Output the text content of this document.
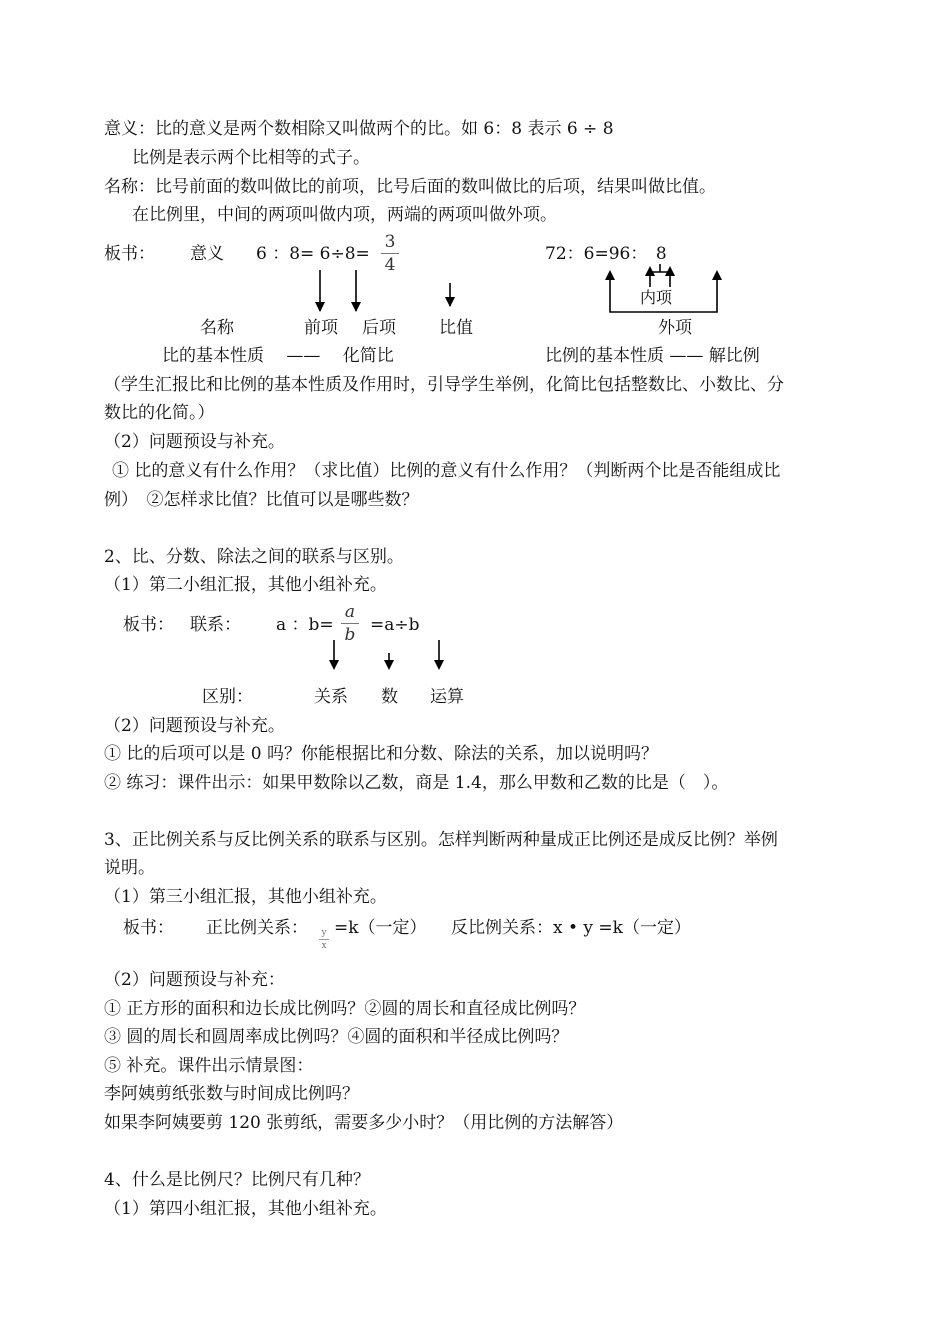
意义：比的意义是两个数相除又叫做两个的比。如 6：8 表示 6 ÷ 8
比例是表示两个比相等的式子。
名称：比号前面的数叫做比的前项，比号后面的数叫做比的后项，结果叫做比值。
在比例里，中间的两项叫做内项，两端的两项叫做外项。
板书： 意义 6 ：8= 6÷8=
3
4
72：6=96：　8
内项
名称	前项 后项	比值	外项
比的基本性质　 ——　 化简比	比例的基本性质 —— 解比例
（学生汇报比和比例的基本性质及作用时，引导学生举例，化简比包括整数比、小数比、分
数比的化简。）
（2）问题预设与补充。
① 比的意义有什么作用？（求比值）比例的意义有什么作用？（判断两个比是否能组成比
例）　②怎样求比值？比值可以是哪些数？
2、比、分数、除法之间的联系与区别。
（1）第二小组汇报，其他小组补充。
板书： 联系： a ：b=
a
b =a÷b
区别：	关系 数 运算
（2）问题预设与补充。
① 比的后项可以是 0 吗？你能根据比和分数、除法的关系，加以说明吗？
② 练习：课件出示：如果甲数除以乙数，商是 1.4，那么甲数和乙数的比是（　）。
3、正比例关系与反比例关系的联系与区别。怎样判断两种量成正比例还是成反比例？举例
说明。
（1）第三小组汇报，其他小组补充。
板书： 正比例关系： y
x
=k（一定） 反比例关系：x • y =k（一定）
（2）问题预设与补充：
① 正方形的面积和边长成比例吗？②圆的周长和直径成比例吗？
③ 圆的周长和圆周率成比例吗？④圆的面积和半径成比例吗？
⑤ 补充。课件出示情景图：
李阿姨剪纸张数与时间成比例吗？
如果李阿姨要剪 120 张剪纸，需要多少小时？（用比例的方法解答）
4、什么是比例尺？比例尺有几种？
（1）第四小组汇报，其他小组补充。
